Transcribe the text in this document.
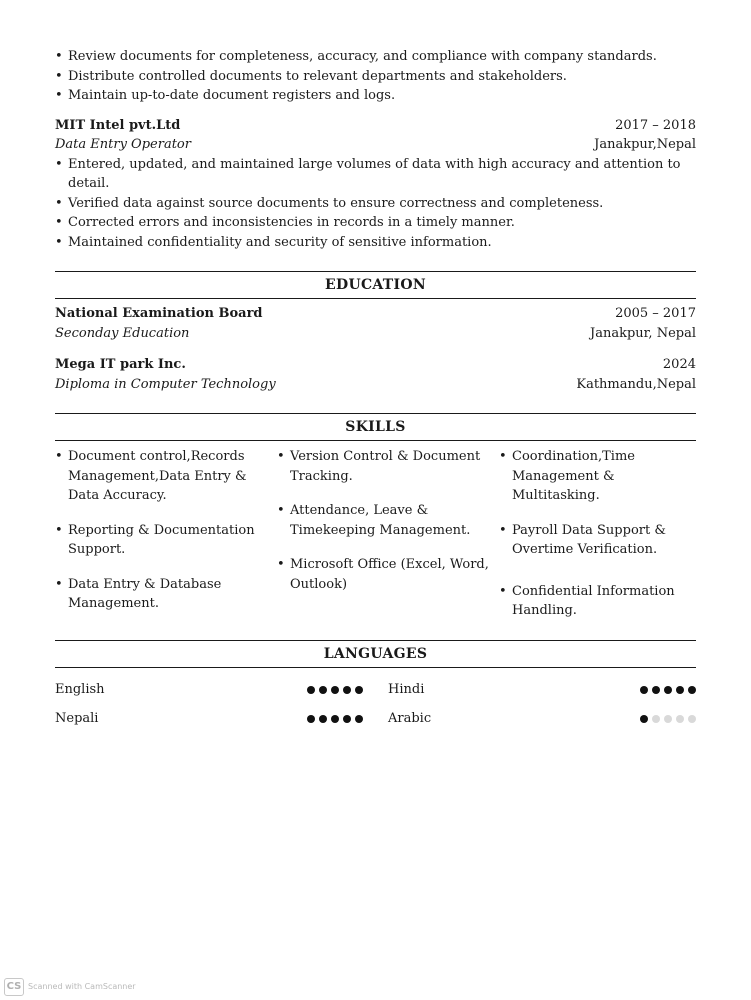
• Review documents for completeness, accuracy, and compliance with company standards.
• Distribute controlled documents to relevant departments and stakeholders.
• Maintain up-to-date document registers and logs.
MIT Intel pvt.Ltd	2017 – 2018
Data Entry Operator	Janakpur,Nepal
• Entered, updated, and maintained large volumes of data with high accuracy and attention to detail.
• Verified data against source documents to ensure correctness and completeness.
• Corrected errors and inconsistencies in records in a timely manner.
• Maintained confidentiality and security of sensitive information.
EDUCATION
National Examination Board	2005 – 2017
Seconday Education	Janakpur, Nepal
Mega IT park Inc.	2024
Diploma in Computer Technology	Kathmandu,Nepal
SKILLS
• Document control,Records Management,Data Entry & Data Accuracy.
• Reporting & Documentation Support.
• Data Entry & Database Management.
• Version Control & Document Tracking.
• Attendance, Leave & Timekeeping Management.
• Microsoft Office (Excel, Word, Outlook)
• Coordination,Time Management & Multitasking.
• Payroll Data Support & Overtime Verification.
• Confidential Information Handling.
LANGUAGES
English	Hindi
Nepali	Arabic
CS Scanned with CamScanner
